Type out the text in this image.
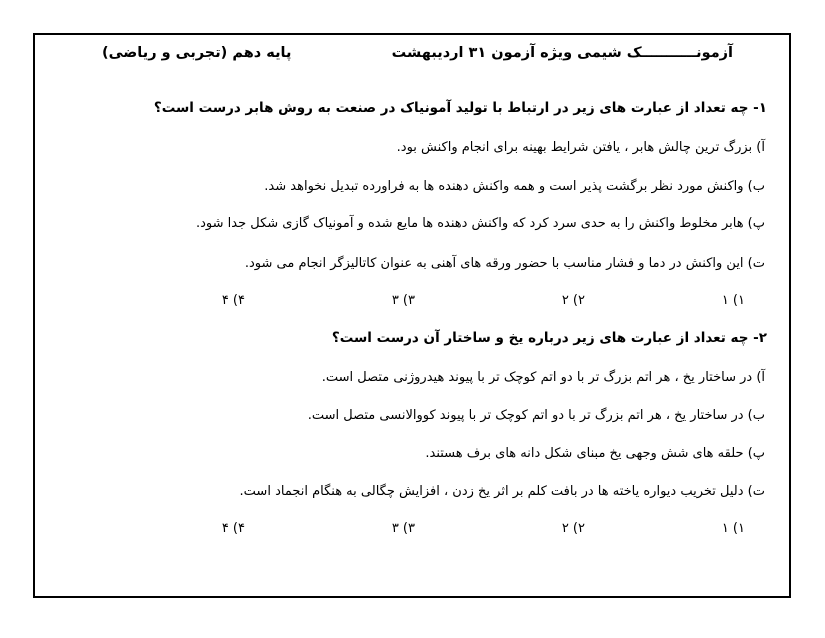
آزمونـــــــــــک شیمی ویژه آزمون ۳۱ اردیبهشت
پایه دهم (تجربی و ریاضی)
۱- چه تعداد از عبارت های زیر در ارتباط با تولید آمونیاک در صنعت به روش هابر درست است؟
آ) بزرگ ترین چالش هابر ، یافتن شرایط بهینه برای انجام واکنش بود.
ب) واکنش مورد نظر برگشت پذیر است و همه واکنش دهنده ها به فراورده تبدیل نخواهد شد.
پ) هابر مخلوط واکنش را به حدی سرد کرد که واکنش دهنده ها مایع شده و آمونیاک گازی شکل جدا شود.
ت) این واکنش در دما و فشار مناسب با حضور ورقه های آهنی به عنوان کاتالیزگر انجام می شود.
۱) ۱
۲) ۲
۳) ۳
۴) ۴
۲- چه تعداد از عبارت های زیر درباره یخ و ساختار آن درست است؟
آ) در ساختار یخ ، هر اتم بزرگ تر با دو اتم کوچک تر با پیوند هیدروژنی متصل است.
ب) در ساختار یخ ، هر اتم بزرگ تر با دو اتم کوچک تر با پیوند کووالانسی متصل است.
پ) حلقه های شش وجهی یخ مبنای شکل دانه های برف هستند.
ت) دلیل تخریب دیواره یاخته ها در بافت کلم بر اثر یخ زدن ، افزایش چگالی به هنگام انجماد است.
۱) ۱
۲) ۲
۳) ۳
۴) ۴
